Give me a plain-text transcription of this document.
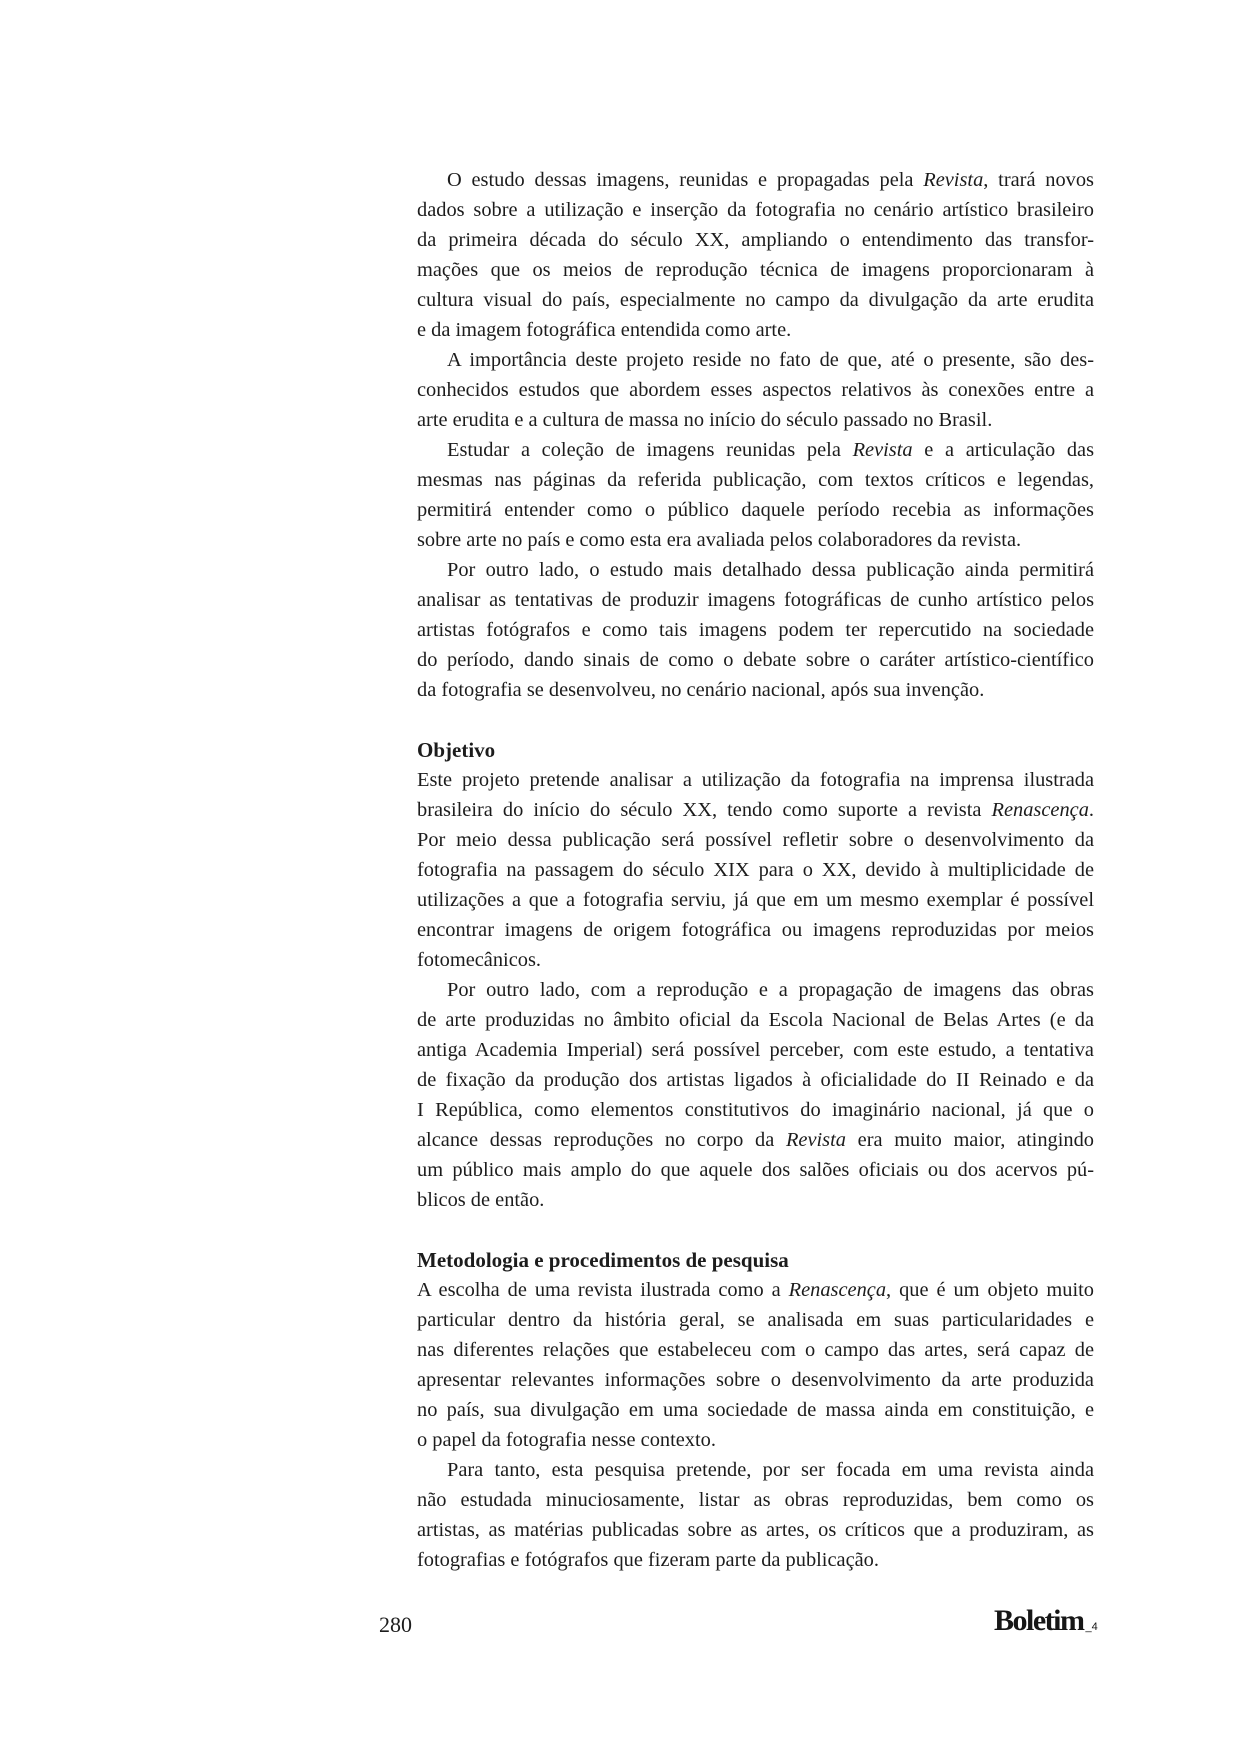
O estudo dessas imagens, reunidas e propagadas pela Revista, trará novos
dados sobre a utilização e inserção da fotografia no cenário artístico brasileiro
da primeira década do século XX, ampliando o entendimento das transfor-
mações que os meios de reprodução técnica de imagens proporcionaram à
cultura visual do país, especialmente no campo da divulgação da arte erudita
e da imagem fotográfica entendida como arte.
A importância deste projeto reside no fato de que, até o presente, são des-
conhecidos estudos que abordem esses aspectos relativos às conexões entre a
arte erudita e a cultura de massa no início do século passado no Brasil.
Estudar a coleção de imagens reunidas pela Revista e a articulação das
mesmas nas páginas da referida publicação, com textos críticos e legendas,
permitirá entender como o público daquele período recebia as informações
sobre arte no país e como esta era avaliada pelos colaboradores da revista.
Por outro lado, o estudo mais detalhado dessa publicação ainda permitirá
analisar as tentativas de produzir imagens fotográficas de cunho artístico pelos
artistas fotógrafos e como tais imagens podem ter repercutido na sociedade
do período, dando sinais de como o debate sobre o caráter artístico-científico
da fotografia se desenvolveu, no cenário nacional, após sua invenção.
Objetivo
Este projeto pretende analisar a utilização da fotografia na imprensa ilustrada
brasileira do início do século XX, tendo como suporte a revista Renascença.
Por meio dessa publicação será possível refletir sobre o desenvolvimento da
fotografia na passagem do século XIX para o XX, devido à multiplicidade de
utilizações a que a fotografia serviu, já que em um mesmo exemplar é possível
encontrar imagens de origem fotográfica ou imagens reproduzidas por meios
fotomecânicos.
Por outro lado, com a reprodução e a propagação de imagens das obras
de arte produzidas no âmbito oficial da Escola Nacional de Belas Artes (e da
antiga Academia Imperial) será possível perceber, com este estudo, a tentativa
de fixação da produção dos artistas ligados à oficialidade do II Reinado e da
I República, como elementos constitutivos do imaginário nacional, já que o
alcance dessas reproduções no corpo da Revista era muito maior, atingindo
um público mais amplo do que aquele dos salões oficiais ou dos acervos pú-
blicos de então.
Metodologia e procedimentos de pesquisa
A escolha de uma revista ilustrada como a Renascença, que é um objeto muito
particular dentro da história geral, se analisada em suas particularidades e
nas diferentes relações que estabeleceu com o campo das artes, será capaz de
apresentar relevantes informações sobre o desenvolvimento da arte produzida
no país, sua divulgação em uma sociedade de massa ainda em constituição, e
o papel da fotografia nesse contexto.
Para tanto, esta pesquisa pretende, por ser focada em uma revista ainda
não estudada minuciosamente, listar as obras reproduzidas, bem como os
artistas, as matérias publicadas sobre as artes, os críticos que a produziram, as
fotografias e fotógrafos que fizeram parte da publicação.

280	Boletim _4
